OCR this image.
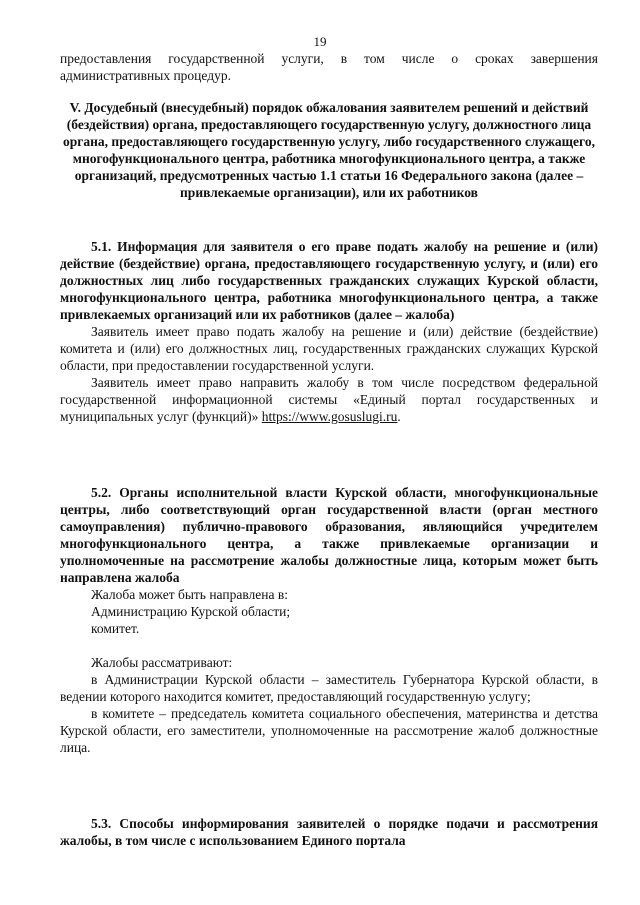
19

предоставления государственной услуги, в том числе о сроках завершения административных процедур.

V. Досудебный (внесудебный) порядок обжалования заявителем решений и действий (бездействия) органа, предоставляющего государственную услугу, должностного лица органа, предоставляющего государственную услугу, либо государственного служащего, многофункционального центра, работника многофункционального центра, а также организаций, предусмотренных частью 1.1 статьи 16 Федерального закона (далее – привлекаемые организации), или их работников

5.1. Информация для заявителя о его праве подать жалобу на решение и (или) действие (бездействие) органа, предоставляющего государственную услугу, и (или) его должностных лиц либо государственных гражданских служащих Курской области, многофункционального центра, работника многофункционального центра, а также привлекаемых организаций или их работников (далее – жалоба)

Заявитель имеет право подать жалобу на решение и (или) действие (бездействие) комитета и (или) его должностных лиц, государственных гражданских служащих Курской области, при предоставлении государственной услуги.

Заявитель имеет право направить жалобу в том числе посредством федеральной государственной информационной системы «Единый портал государственных и муниципальных услуг (функций)» https://www.gosuslugi.ru.

5.2. Органы исполнительной власти Курской области, многофункциональные центры, либо соответствующий орган государственной власти (орган местного самоуправления) публично-правового образования, являющийся учредителем многофункционального центра, а также привлекаемые организации и уполномоченные на рассмотрение жалобы должностные лица, которым может быть направлена жалоба

Жалоба может быть направлена в:

Администрацию Курской области;

комитет.

Жалобы рассматривают:

в Администрации Курской области – заместитель Губернатора Курской области, в ведении которого находится комитет, предоставляющий государственную услугу;

в комитете – председатель комитета социального обеспечения, материнства и детства Курской области, его заместители, уполномоченные на рассмотрение жалоб должностные лица.

5.3. Способы информирования заявителей о порядке подачи и рассмотрения жалобы, в том числе с использованием Единого портала
